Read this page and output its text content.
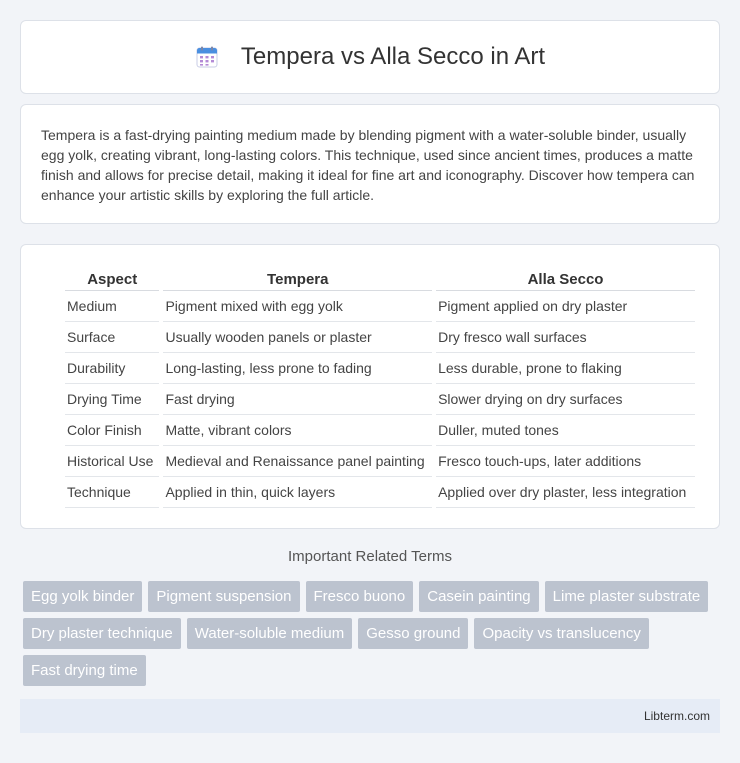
Tempera vs Alla Secco in Art

Tempera is a fast-drying painting medium made by blending pigment with a water-soluble binder, usually egg yolk, creating vibrant, long-lasting colors. This technique, used since ancient times, produces a matte finish and allows for precise detail, making it ideal for fine art and iconography. Discover how tempera can enhance your artistic skills by exploring the full article.

Aspect	Tempera	Alla Secco
Medium	Pigment mixed with egg yolk	Pigment applied on dry plaster
Surface	Usually wooden panels or plaster	Dry fresco wall surfaces
Durability	Long-lasting, less prone to fading	Less durable, prone to flaking
Drying Time	Fast drying	Slower drying on dry surfaces
Color Finish	Matte, vibrant colors	Duller, muted tones
Historical Use	Medieval and Renaissance panel painting	Fresco touch-ups, later additions
Technique	Applied in thin, quick layers	Applied over dry plaster, less integration
Important Related Terms
Egg yolk binder	Pigment suspension	Fresco buono	Casein painting	Lime plaster substrate
Dry plaster technique	Water-soluble medium	Gesso ground	Opacity vs translucency
Fast drying time
Libterm.com
